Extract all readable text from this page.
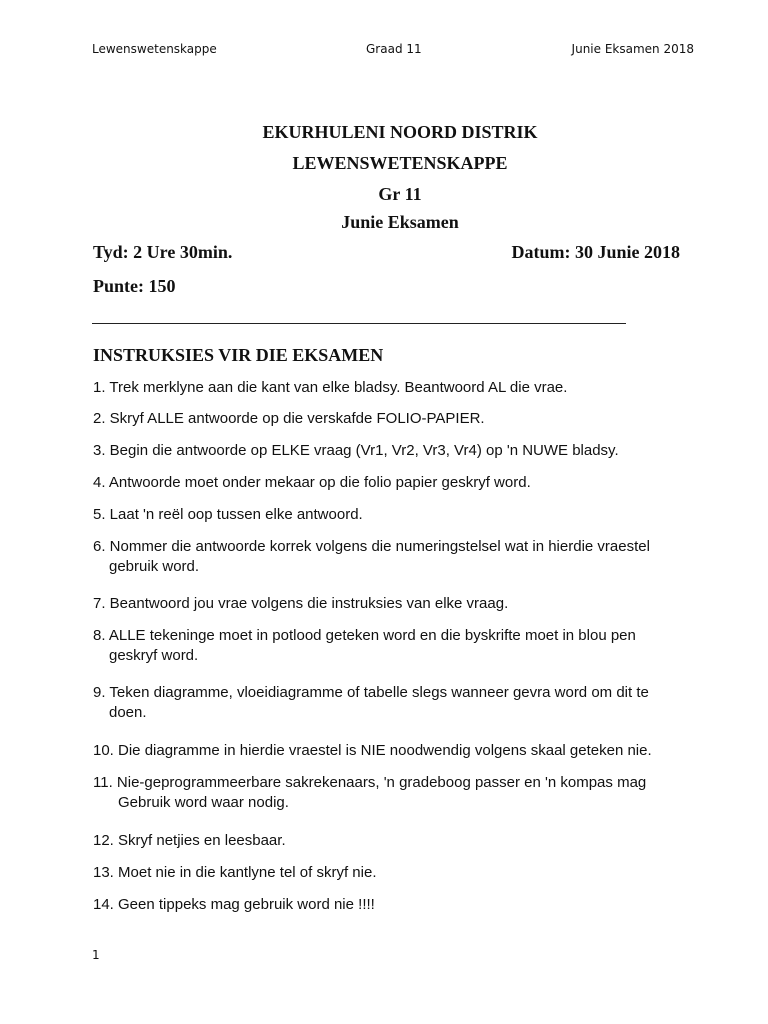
Lewenswetenskappe	Graad 11	Junie Eksamen 2018
EKURHULENI NOORD DISTRIK
LEWENSWETENSKAPPE
Gr 11
Junie Eksamen
Tyd: 2 Ure 30min.	Datum: 30 Junie 2018
Punte: 150
INSTRUKSIES VIR DIE EKSAMEN
1. Trek merklyne aan die kant van elke bladsy. Beantwoord AL die vrae.
2. Skryf ALLE antwoorde op die verskafde FOLIO-PAPIER.
3. Begin die antwoorde op ELKE vraag (Vr1, Vr2, Vr3, Vr4) op 'n NUWE bladsy.
4. Antwoorde moet onder mekaar op die folio papier geskryf word.
5. Laat 'n reël oop tussen elke antwoord.
6. Nommer die antwoorde korrek volgens die numeringstelsel wat in hierdie vraestel
gebruik word.
7. Beantwoord jou vrae volgens die instruksies van elke vraag.
8. ALLE tekeninge moet in potlood geteken word en die byskrifte moet in blou pen
geskryf word.
9. Teken diagramme, vloeidiagramme of tabelle slegs wanneer gevra word om dit te
doen.
10. Die diagramme in hierdie vraestel is NIE noodwendig volgens skaal geteken nie.
11. Nie-geprogrammeerbare sakrekenaars, 'n gradeboog passer en 'n kompas mag
Gebruik word waar nodig.
12. Skryf netjies en leesbaar.
13. Moet nie in die kantlyne tel of skryf nie.
14. Geen tippeks mag gebruik word nie !!!!
1
